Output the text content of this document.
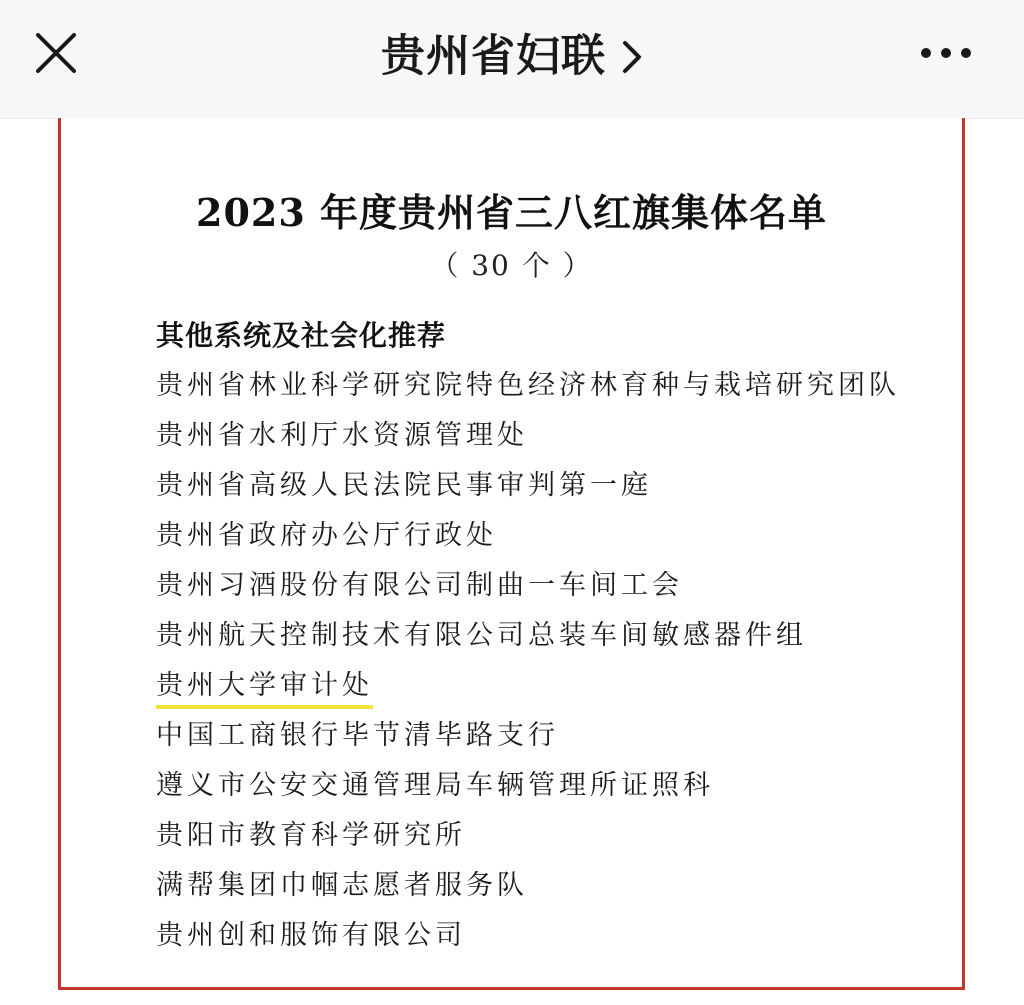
贵州省妇联
2023 年度贵州省三八红旗集体名单
（ 30 个 ）
其他系统及社会化推荐
贵州省林业科学研究院特色经济林育种与栽培研究团队
贵州省水利厅水资源管理处
贵州省高级人民法院民事审判第一庭
贵州省政府办公厅行政处
贵州习酒股份有限公司制曲一车间工会
贵州航天控制技术有限公司总装车间敏感器件组
贵州大学审计处
中国工商银行毕节清毕路支行
遵义市公安交通管理局车辆管理所证照科
贵阳市教育科学研究所
满帮集团巾帼志愿者服务队
贵州创和服饰有限公司
